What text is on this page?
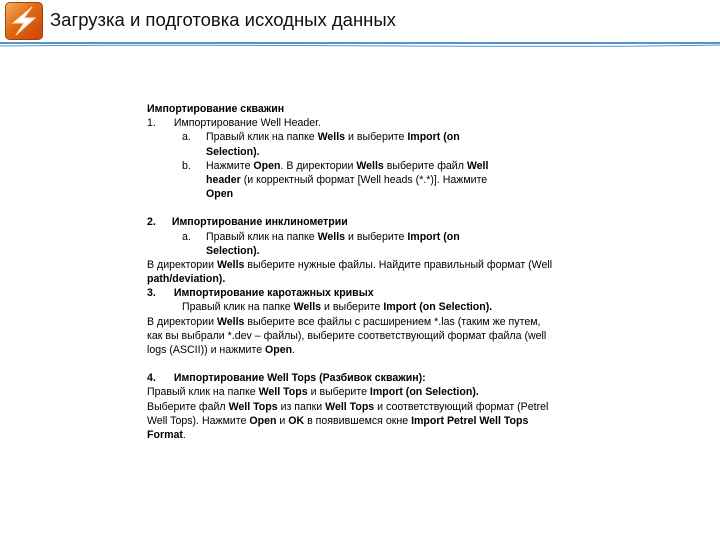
Загрузка и подготовка исходных данных
Импортирование скважин
1. Импортирование Well Header.
a. Правый клик на папке Wells и выберите Import (on
Selection).
b. Нажмите Open. В директории Wells выберите файл Well
header (и корректный формат [Well heads (*.*)]. Нажмите
Open
2. Импортирование инклинометрии
a. Правый клик на папке Wells и выберите Import (on
Selection).
В директории Wells выберите нужные файлы. Найдите правильный формат (Well
path/deviation).
3. Импортирование каротажных кривых
Правый клик на папке Wells и выберите Import (on Selection).
В директории Wells выберите все файлы с расширением *.las (таким же путем,
как вы выбрали *.dev – файлы), выберите соответствующий формат файла (well
logs (ASCII)) и нажмите Open.
4. Импортирование Well Tops (Разбивок скважин):
Правый клик на папке Well Tops и выберите Import (on Selection).
Выберите файл Well Tops из папки Well Tops и соответствующий формат (Petrel
Well Tops). Нажмите Open и OK в появившемся окне Import Petrel Well Tops
Format.
